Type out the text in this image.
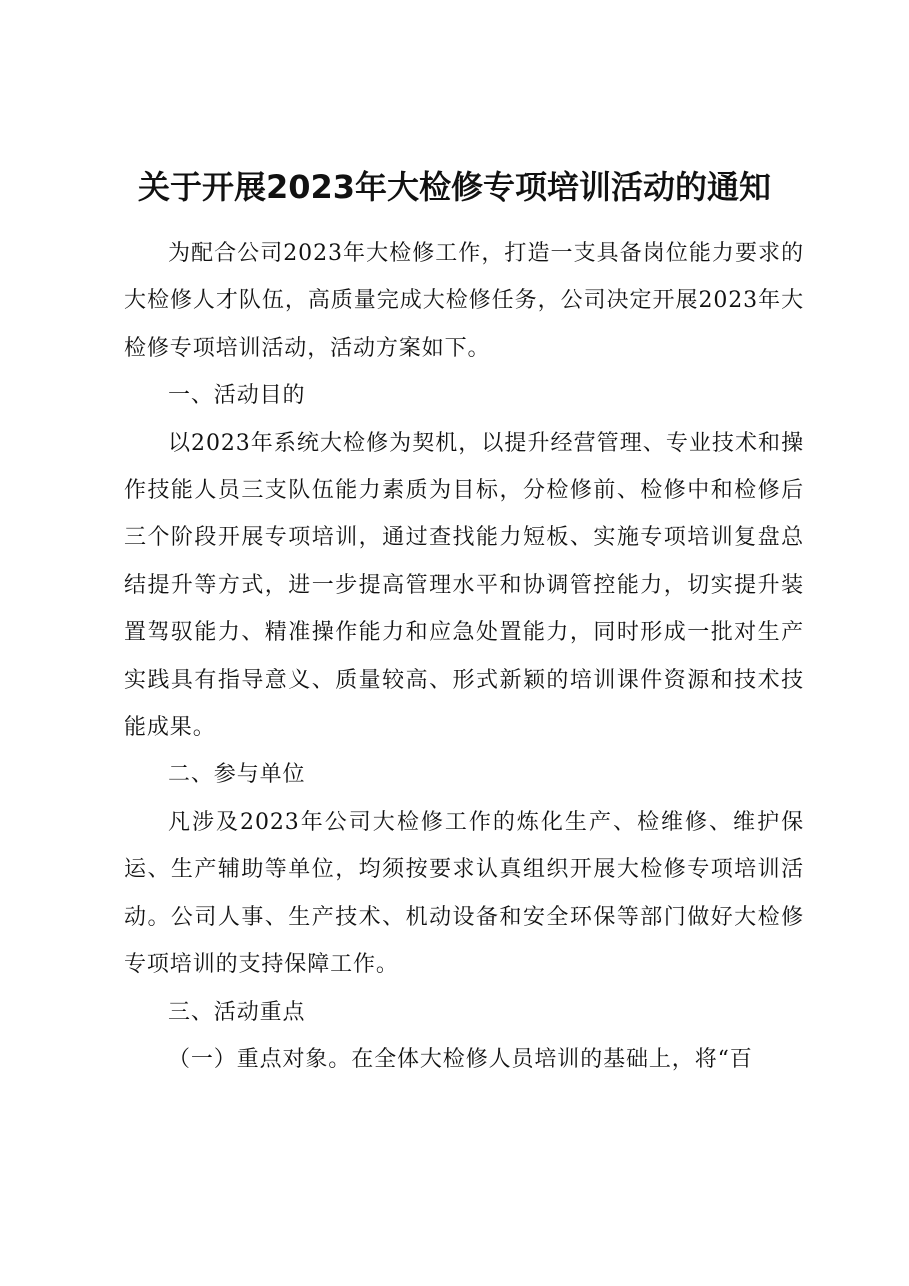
关于开展2023年大检修专项培训活动的通知

为配合公司2023年大检修工作，打造一支具备岗位能力要求的大检修人才队伍，高质量完成大检修任务，公司决定开展2023年大检修专项培训活动，活动方案如下。

一、活动目的

以2023年系统大检修为契机，以提升经营管理、专业技术和操作技能人员三支队伍能力素质为目标，分检修前、检修中和检修后三个阶段开展专项培训，通过查找能力短板、实施专项培训复盘总结提升等方式，进一步提高管理水平和协调管控能力，切实提升装置驾驭能力、精准操作能力和应急处置能力，同时形成一批对生产实践具有指导意义、质量较高、形式新颖的培训课件资源和技术技能成果。

二、参与单位

凡涉及2023年公司大检修工作的炼化生产、检维修、维护保运、生产辅助等单位，均须按要求认真组织开展大检修专项培训活动。公司人事、生产技术、机动设备和安全环保等部门做好大检修专项培训的支持保障工作。

三、活动重点

（一）重点对象。在全体大检修人员培训的基础上，将“百
